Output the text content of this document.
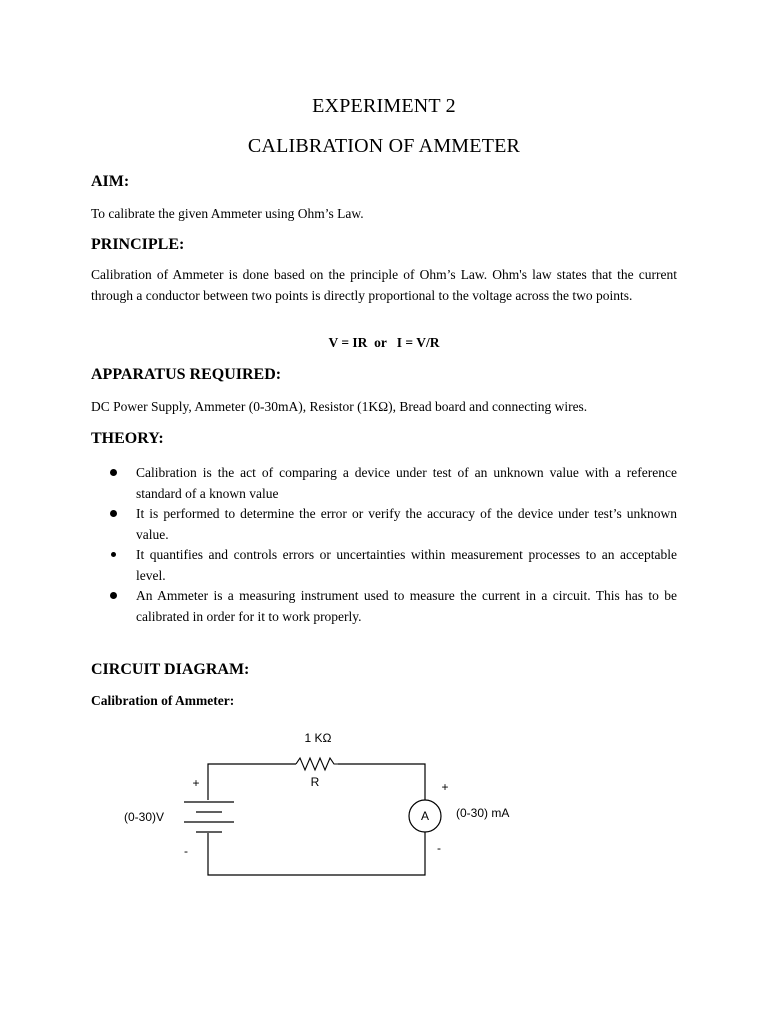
EXPERIMENT 2
CALIBRATION OF AMMETER
AIM:
To calibrate the given Ammeter using Ohm’s Law.
PRINCIPLE:
Calibration of Ammeter is done based on the principle of Ohm’s Law. Ohm's law states that the current through a conductor between two points is directly proportional to the voltage across the two points.
V = IR  or   I = V/R
APPARATUS REQUIRED:
DC Power Supply, Ammeter (0-30mA), Resistor (1KΩ), Bread board and connecting wires.
THEORY:
Calibration is the act of comparing a device under test of an unknown value with a reference standard of a known value
It is performed to determine the error or verify the accuracy of the device under test’s unknown value.
It quantifies and controls errors or uncertainties within measurement processes to an acceptable level.
An Ammeter is a measuring instrument used to measure the current in a circuit. This has to be calibrated in order for it to work properly.
CIRCUIT DIAGRAM:
Calibration of Ammeter:
A
1 KΩ
R
+
-
(0-30)V
+
-
(0-30) mA
